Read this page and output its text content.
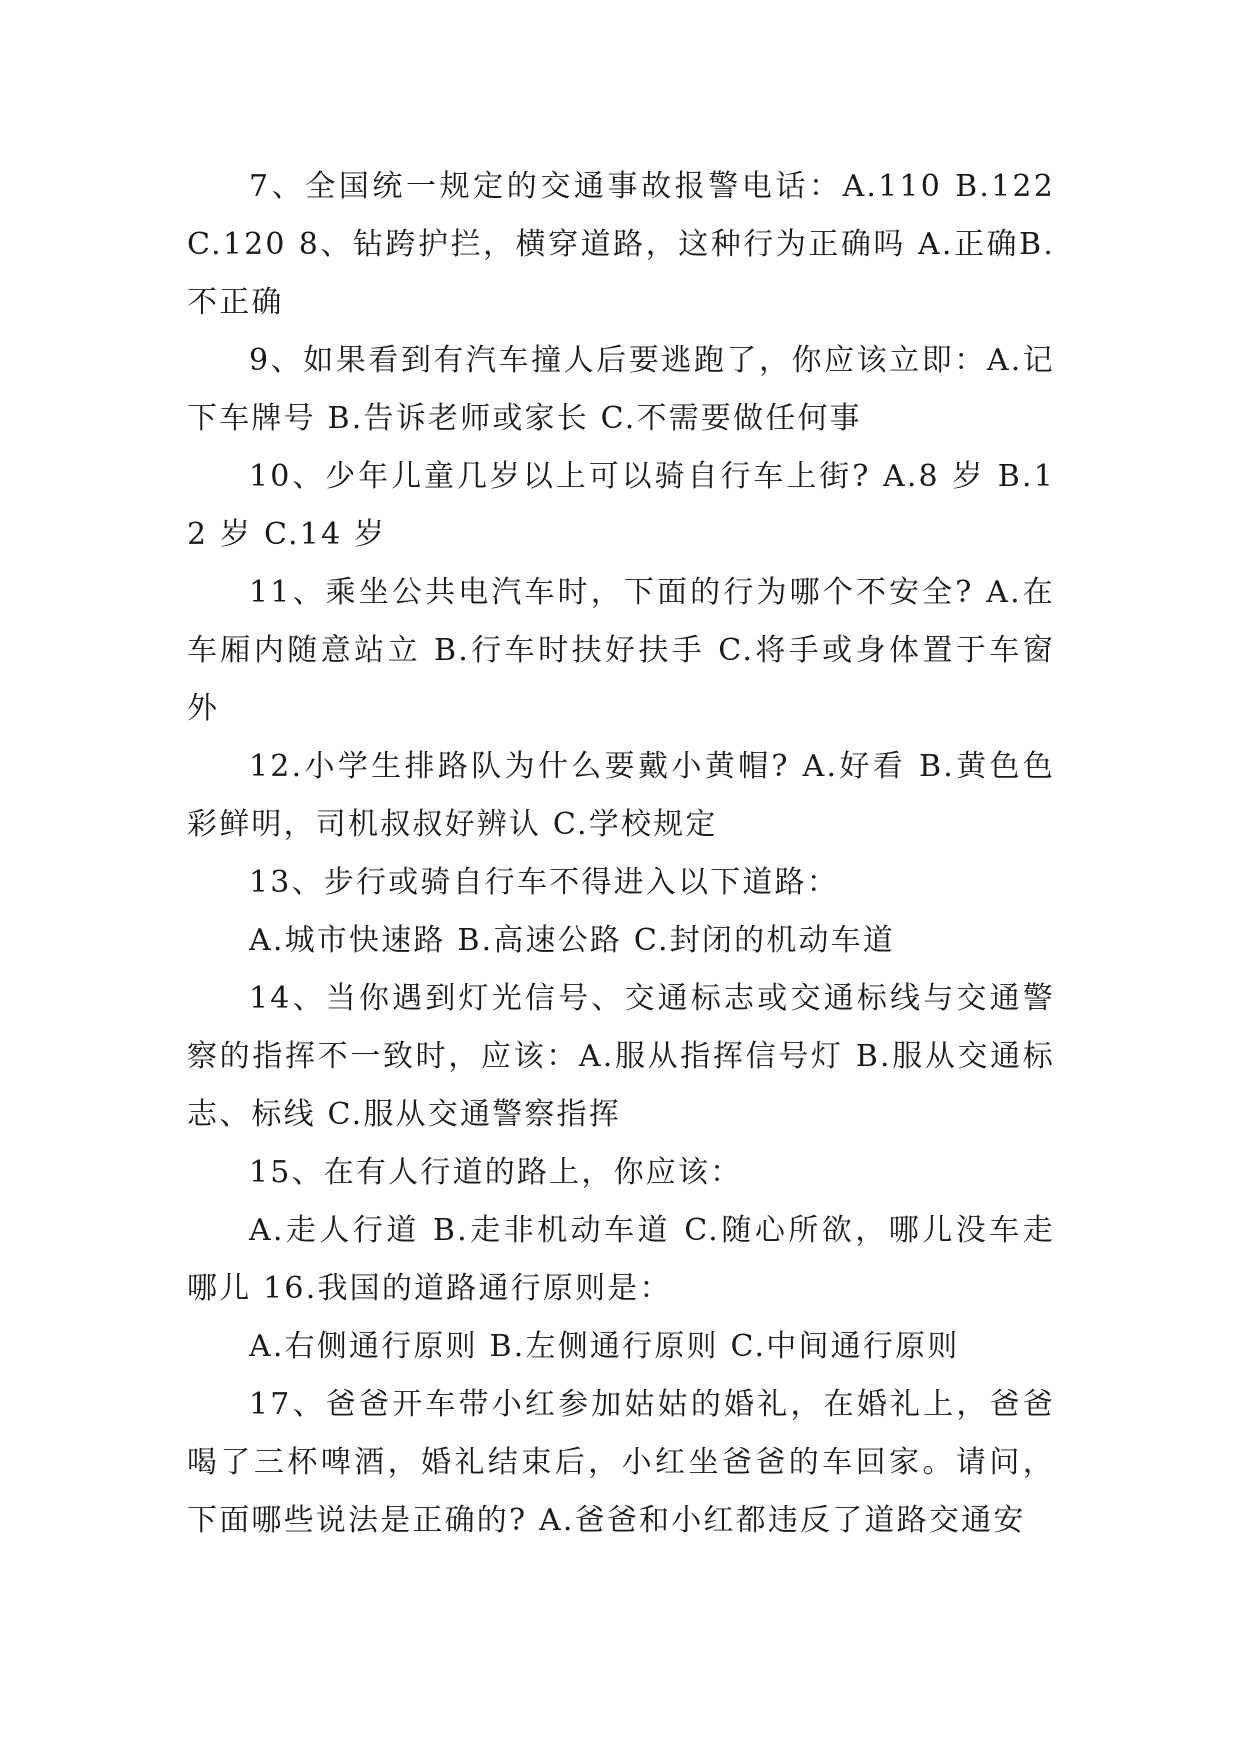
7、全国统一规定的交通事故报警电话：A.110 B.122 C.120 8、钻跨护拦，横穿道路，这种行为正确吗 A.正确B.不正确

9、如果看到有汽车撞人后要逃跑了，你应该立即：A.记下车牌号 B.告诉老师或家长 C.不需要做任何事

10、少年儿童几岁以上可以骑自行车上街? A.8 岁 B.12 岁 C.14 岁

11、乘坐公共电汽车时，下面的行为哪个不安全? A.在车厢内随意站立 B.行车时扶好扶手 C.将手或身体置于车窗外

12.小学生排路队为什么要戴小黄帽? A.好看 B.黄色色彩鲜明，司机叔叔好辨认 C.学校规定

13、步行或骑自行车不得进入以下道路：

A.城市快速路 B.高速公路 C.封闭的机动车道

14、当你遇到灯光信号、交通标志或交通标线与交通警察的指挥不一致时，应该：A.服从指挥信号灯 B.服从交通标志、标线 C.服从交通警察指挥

15、在有人行道的路上，你应该：

A.走人行道 B.走非机动车道 C.随心所欲，哪儿没车走哪儿 16.我国的道路通行原则是：

A.右侧通行原则 B.左侧通行原则 C.中间通行原则

17、爸爸开车带小红参加姑姑的婚礼，在婚礼上，爸爸喝了三杯啤酒，婚礼结束后，小红坐爸爸的车回家。请问，下面哪些说法是正确的? A.爸爸和小红都违反了道路交通安
